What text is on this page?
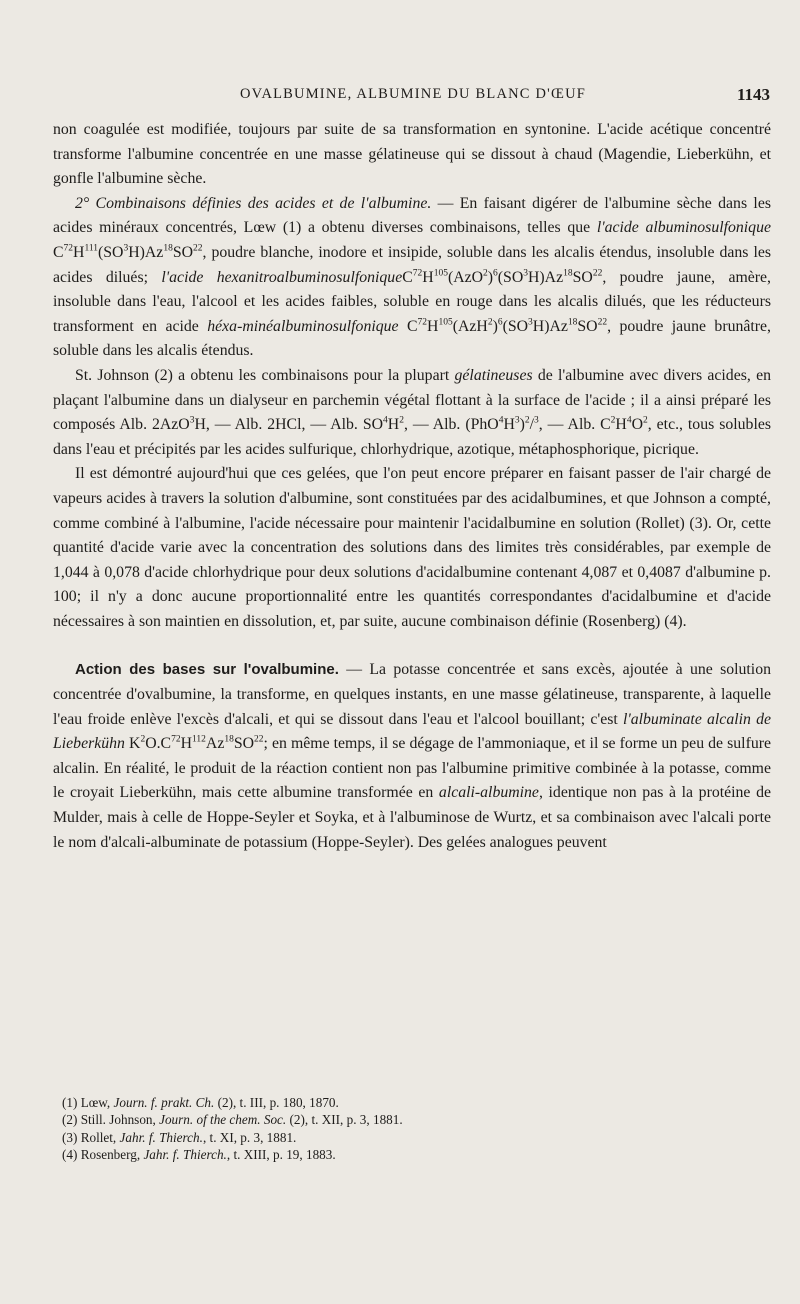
OVALBUMINE, ALBUMINE DU BLANC D'ŒUF	1143

non coagulée est modifiée, toujours par suite de sa transformation en syntonine. L'acide acétique concentré transforme l'albumine concentrée en une masse gélatineuse qui se dissout à chaud (Magendie, Lieberkühn, et gonfle l'albumine sèche.

2° Combinaisons définies des acides et de l'albumine. — En faisant digérer de l'albumine sèche dans les acides minéraux concentrés, Lœw (1) a obtenu diverses combinaisons, telles que l'acide albuminosulfonique $C^{72}H^{111}(SO^3H)Az^{18}SO^{22}$, poudre blanche, inodore et insipide, soluble dans les alcalis étendus, insoluble dans les acides dilués; l'acide $hexanitroalbuminosulfoniqueC^{72}H^{105}(AzO^2)^6(SO^3H)Az^{18}SO^{22}$, poudre jaune, amère, insoluble dans l'eau, l'alcool et les acides faibles, soluble en rouge dans les alcalis dilués, que les réducteurs transforment en acide héxa-minéalbuminosulfonique $C^{72}H^{105}(AzH^2)^6(SO^3H)Az^{18}SO^{22}$, poudre jaune brunâtre, soluble dans les alcalis étendus.

St. Johnson (2) a obtenu les combinaisons pour la plupart gélatineuses de l'albumine avec divers acides, en plaçant l'albumine dans un dialyseur en parchemin végétal flottant à la surface de l'acide ; il a ainsi préparé les composés Alb. 2AzO$^3$H, — Alb. 2HCl, — Alb. $SO^4H^2$, — Alb. $(PhO^4H^3)^2/^3$, — Alb. $C^2H^4O^2$, etc., tous solubles dans l'eau et précipités par les acides sulfurique, chlorhydrique, azotique, métaphosphorique, picrique.

Il est démontré aujourd'hui que ces gelées, que l'on peut encore préparer en faisant passer de l'air chargé de vapeurs acides à travers la solution d'albumine, sont constituées par des acidalbumines, et que Johnson a compté, comme combiné à l'albumine, l'acide nécessaire pour maintenir l'acidalbumine en solution (Rollet) (3). Or, cette quantité d'acide varie avec la concentration des solutions dans des limites très considérables, par exemple de 1,044 à 0,078 d'acide chlorhydrique pour deux solutions d'acidalbumine contenant 4,087 et 0,4087 d'albumine p. 100; il n'y a donc aucune proportionnalité entre les quantités correspondantes d'acidalbumine et d'acide nécessaires à son maintien en dissolution, et, par suite, aucune combinaison définie (Rosenberg) (4).

Action des bases sur l'ovalbumine. — La potasse concentrée et sans excès, ajoutée à une solution concentrée d'ovalbumine, la transforme, en quelques instants, en une masse gélatineuse, transparente, à laquelle l'eau froide enlève l'excès d'alcali, et qui se dissout dans l'eau et l'alcool bouillant; c'est l'albuminate alcalin de Lieberkühn $K^2O.C^{72}H^{112}Az^{18}SO^{22}$; en même temps, il se dégage de l'ammoniaque, et il se forme un peu de sulfure alcalin. En réalité, le produit de la réaction contient non pas l'albumine primitive combinée à la potasse, comme le croyait Lieberkühn, mais cette albumine transformée en alcali-albumine, identique non pas à la protéine de Mulder, mais à celle de Hoppe-Seyler et Soyka, et à l'albuminose de Wurtz, et sa combinaison avec l'alcali porte le nom d'alcali-albuminate de potassium (Hoppe-Seyler). Des gelées analogues peuvent

(1) Lœw, Journ. f. prakt. Ch. (2), t. III, p. 180, 1870.
(2) Still. Johnson, Journ. of the chem. Soc. (2), t. XII, p. 3, 1881.
(3) Rollet, Jahr. f. Thierch., t. XI, p. 3, 1881.
(4) Rosenberg, Jahr. f. Thierch., t. XIII, p. 19, 1883.
